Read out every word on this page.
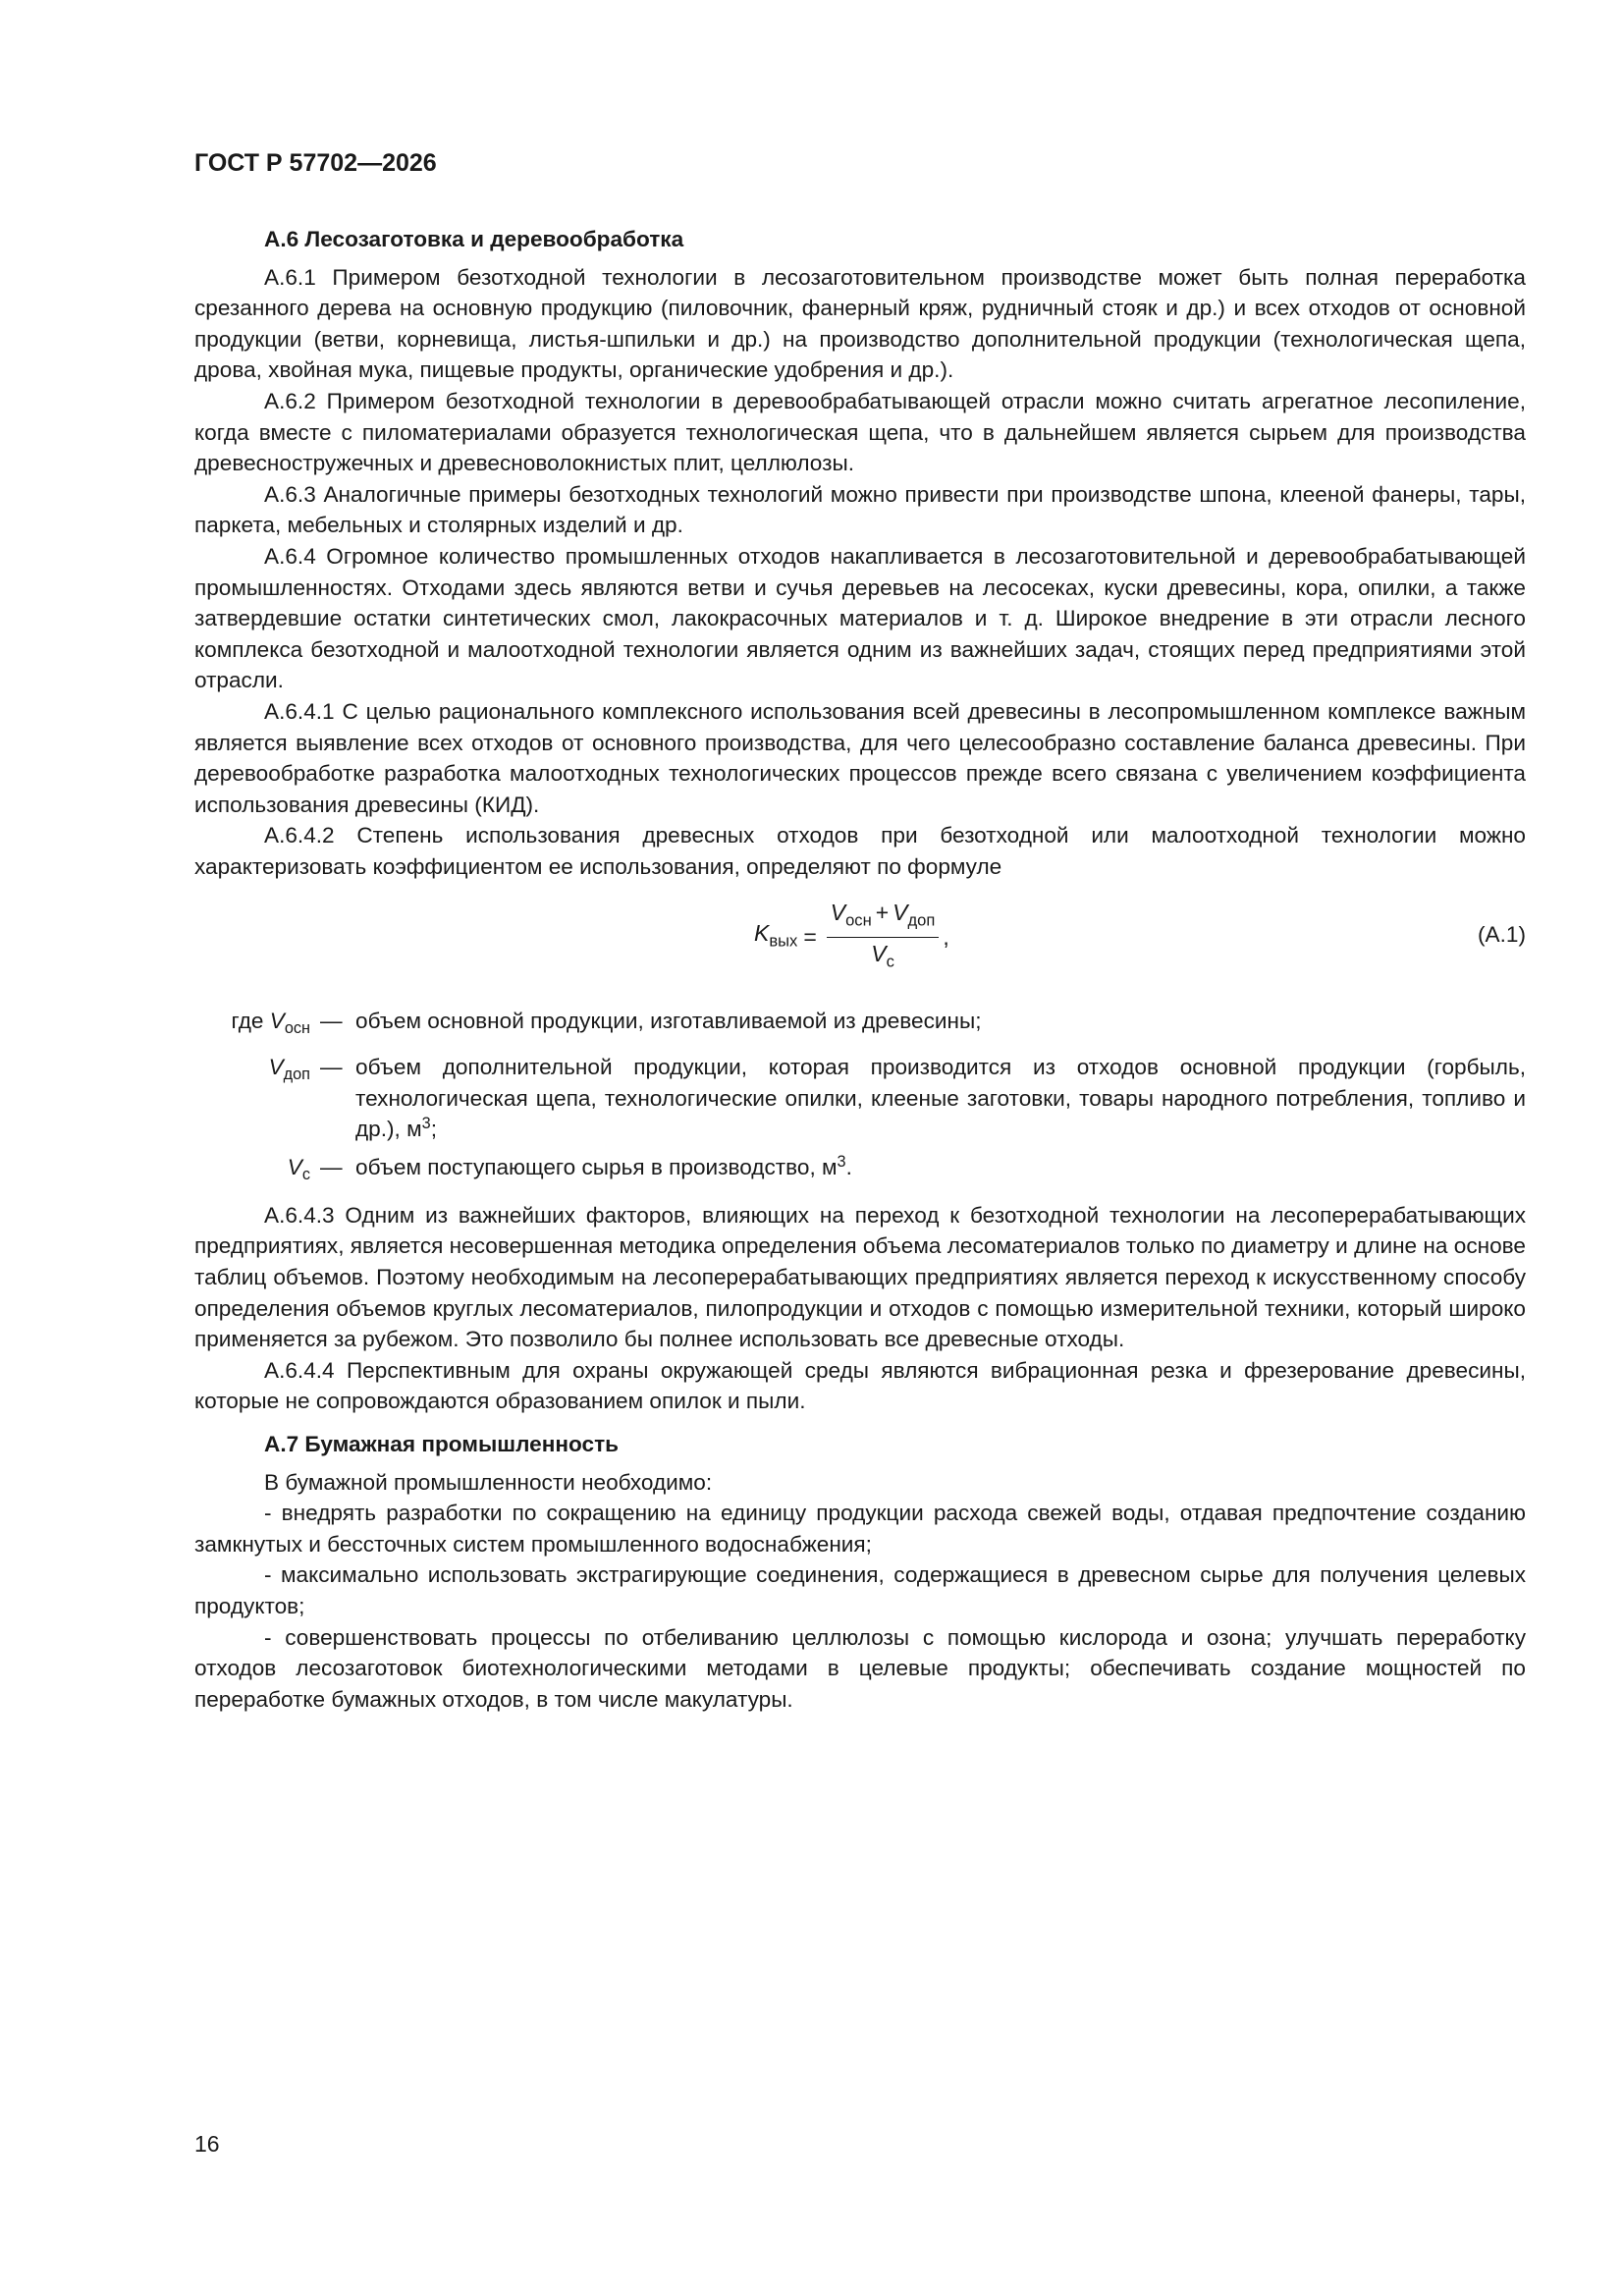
ГОСТ Р 57702—2026
А.6 Лесозаготовка и деревообработка

А.6.1 Примером безотходной технологии в лесозаготовительном производстве может быть полная переработка срезанного дерева на основную продукцию (пиловочник, фанерный кряж, рудничный стояк и др.) и всех отходов от основной продукции (ветви, корневища, листья-шпильки и др.) на производство дополнительной продукции (технологическая щепа, дрова, хвойная мука, пищевые продукты, органические удобрения и др.).

А.6.2 Примером безотходной технологии в деревообрабатывающей отрасли можно считать агрегатное лесопиление, когда вместе с пиломатериалами образуется технологическая щепа, что в дальнейшем является сырьем для производства древесностружечных и древесноволокнистых плит, целлюлозы.

А.6.3 Аналогичные примеры безотходных технологий можно привести при производстве шпона, клееной фанеры, тары, паркета, мебельных и столярных изделий и др.

А.6.4 Огромное количество промышленных отходов накапливается в лесозаготовительной и деревообрабатывающей промышленностях. Отходами здесь являются ветви и сучья деревьев на лесосеках, куски древесины, кора, опилки, а также затвердевшие остатки синтетических смол, лакокрасочных материалов и т. д. Широкое внедрение в эти отрасли лесного комплекса безотходной и малоотходной технологии является одним из важнейших задач, стоящих перед предприятиями этой отрасли.

А.6.4.1 С целью рационального комплексного использования всей древесины в лесопромышленном комплексе важным является выявление всех отходов от основного производства, для чего целесообразно составление баланса древесины. При деревообработке разработка малоотходных технологических процессов прежде всего связана с увеличением коэффициента использования древесины (КИД).

А.6.4.2 Степень использования древесных отходов при безотходной или малоотходной технологии можно характеризовать коэффициентом ее использования, определяют по формуле

$K_{вых} = \frac{V_{осн} + V_{доп}}{V_с}$ ,	(А.1)
где $V_{осн}$	—	объем основной продукции, изготавливаемой из древесины;
$V_{доп}$	—	объем дополнительной продукции, которая производится из отходов основной продукции (горбыль, технологическая щепа, технологические опилки, клееные заготовки, товары народного потребления, топливо и др.), $м^3$;
$V_с$	—	объем поступающего сырья в производство, $м^3$.

А.6.4.3 Одним из важнейших факторов, влияющих на переход к безотходной технологии на лесоперерабатывающих предприятиях, является несовершенная методика определения объема лесоматериалов только по диаметру и длине на основе таблиц объемов. Поэтому необходимым на лесоперерабатывающих предприятиях является переход к искусственному способу определения объемов круглых лесоматериалов, пилопродукции и отходов с помощью измерительной техники, который широко применяется за рубежом. Это позволило бы полнее использовать все древесные отходы.

А.6.4.4 Перспективным для охраны окружающей среды являются вибрационная резка и фрезерование древесины, которые не сопровождаются образованием опилок и пыли.

А.7 Бумажная промышленность

В бумажной промышленности необходимо:

- внедрять разработки по сокращению на единицу продукции расхода свежей воды, отдавая предпочтение созданию замкнутых и бессточных систем промышленного водоснабжения;

- максимально использовать экстрагирующие соединения, содержащиеся в древесном сырье для получения целевых продуктов;

- совершенствовать процессы по отбеливанию целлюлозы с помощью кислорода и озона; улучшать переработку отходов лесозаготовок биотехнологическими методами в целевые продукты; обеспечивать создание мощностей по переработке бумажных отходов, в том числе макулатуры.

16
